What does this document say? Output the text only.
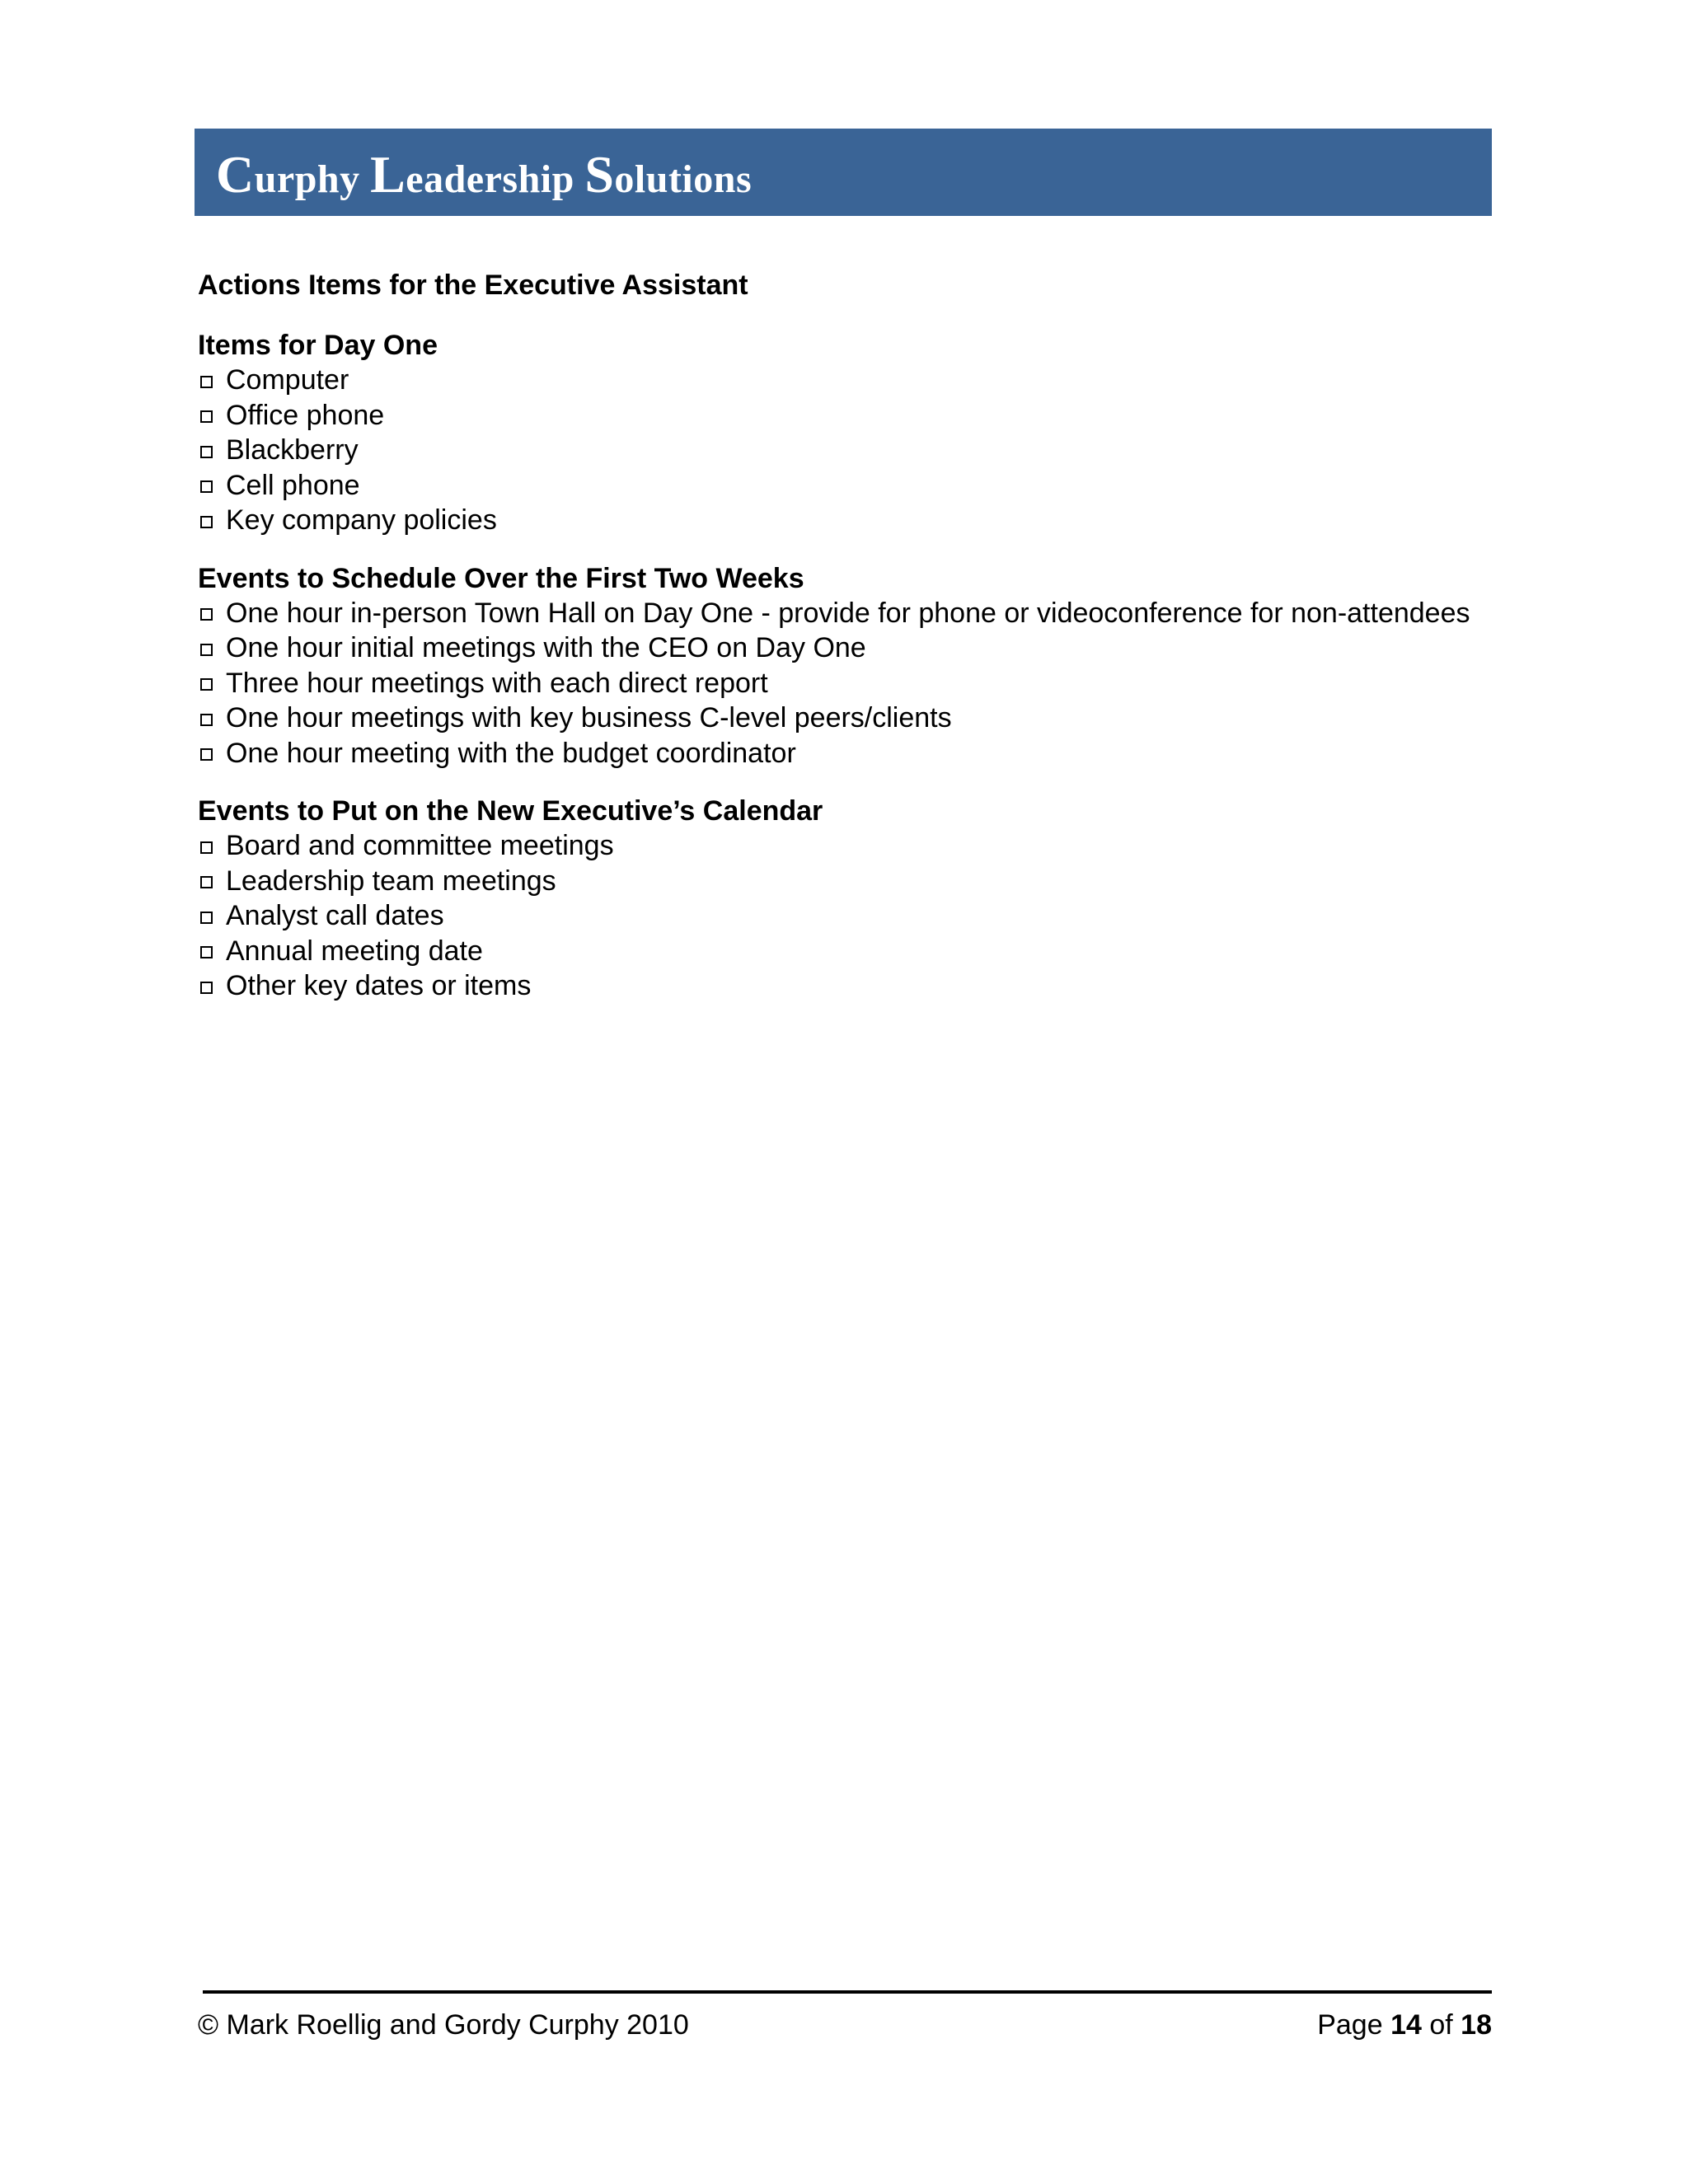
Curphy Leadership Solutions
Actions Items for the Executive Assistant
Items for Day One
Computer
Office phone
Blackberry
Cell phone
Key company policies
Events to Schedule Over the First Two Weeks
One hour in-person Town Hall on Day One - provide for phone or videoconference for non-attendees
One hour initial meetings with the CEO on Day One
Three hour meetings with each direct report
One hour meetings with key business C-level peers/clients
One hour meeting with the budget coordinator
Events to Put on the New Executive’s Calendar
Board and committee meetings
Leadership team meetings
Analyst call dates
Annual meeting date
Other key dates or items
© Mark Roellig and Gordy Curphy 2010	Page 14 of 18
